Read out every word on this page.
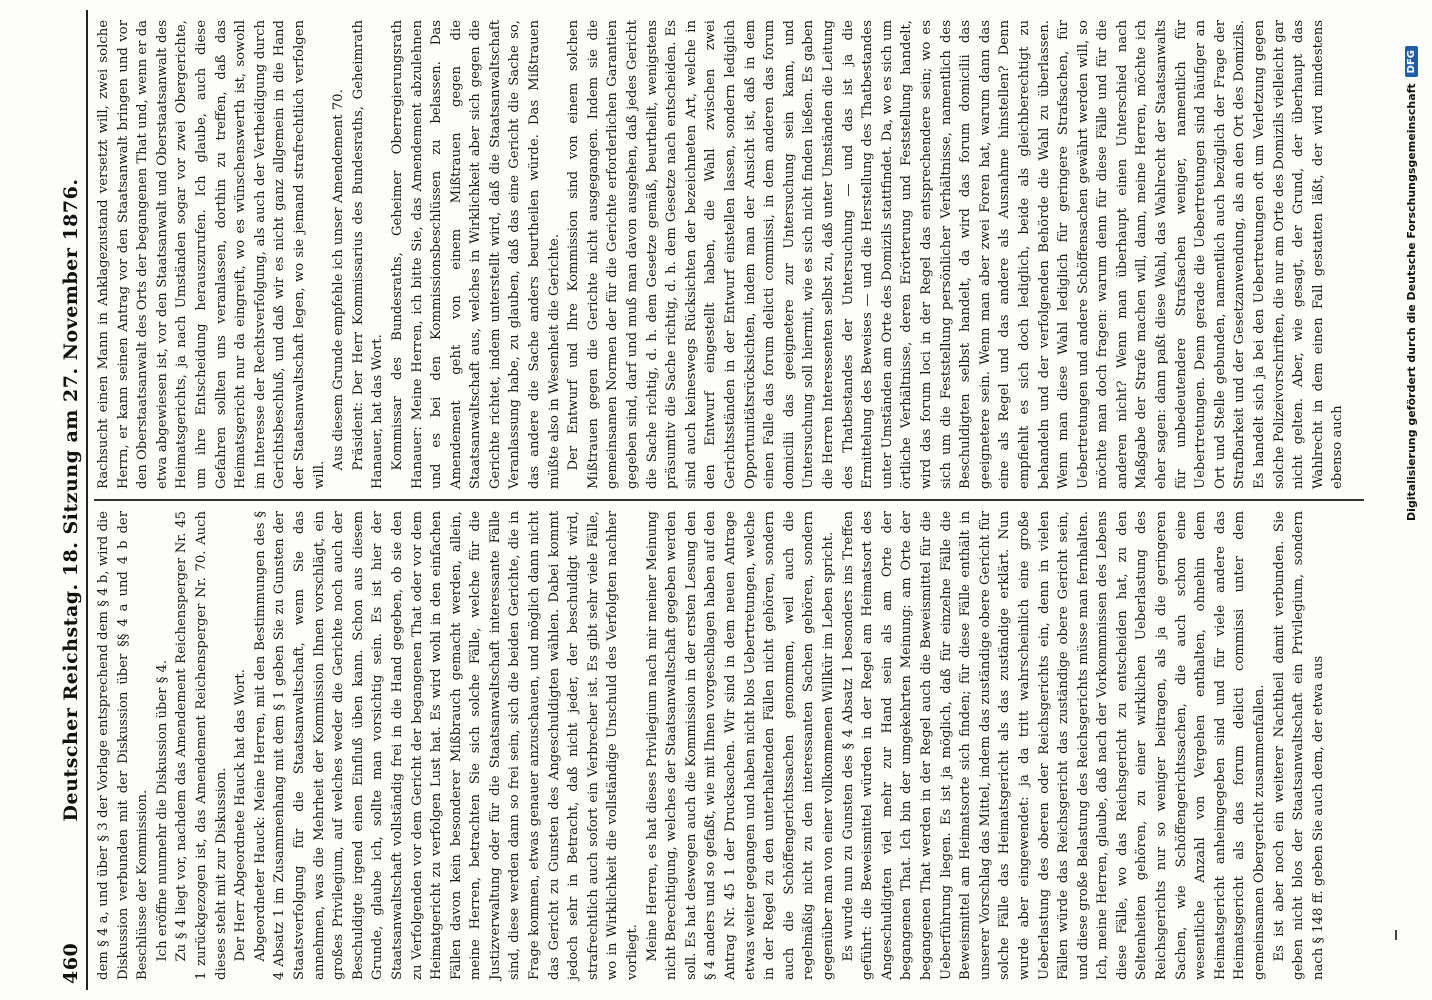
460
Deutscher Reichstag. 18. Sitzung am 27. November 1876. dem § 4 a, und über § 3 der Vorlage entsprechend dem § 4 b, wird die Diskussion verbunden mit der Diskussion über §§ 4 a und 4 b der Beschlüsse der Kommission. Ich eröffne nunmehr die Diskussion über § 4. Zu § 4 liegt vor, nachdem das Amendement Reichensperger Nr. 45 1 zurückgezogen ist, das Amendement Reichensperger Nr. 70. Auch dieses steht mit zur Diskussion. Der Herr Abgeordnete Hauck hat das Wort. Abgeordneter Hauck: Meine Herren, mit den Bestimmungen des § 4 Absatz 1 im Zusammenhang mit dem § 1 geben Sie zu Gunsten der Staatsverfolgung für die Staatsanwaltschaft, wenn Sie das annehmen, was die Mehrheit der Kommission Ihnen vorschlägt, ein großes Privilegium, auf welches weder die Gerichte noch auch der Beschuldigte irgend einen Einfluß üben kann. Schon aus diesem Grunde, glaube ich, sollte man vorsichtig sein. Es ist hier der Staatsanwaltschaft vollständig frei in die Hand gegeben, ob sie den zu Verfolgenden vor dem Gericht der begangenen That oder vor dem Heimatgericht zu verfolgen Lust hat. Es wird wohl in den einfachen Fällen davon kein besonderer Mißbrauch gemacht werden, allein, meine Herren, betrachten Sie sich solche Fälle, welche für die Justizverwaltung oder für die Staatsanwaltschaft interessante Fälle sind, diese werden dann so frei sein, sich die beiden Gerichte, die in Frage kommen, etwas genauer anzuschauen, und möglich dann nicht das Gericht zu Gunsten des Angeschuldigten wählen. Dabei kommt jedoch sehr in Betracht, daß nicht jeder, der beschuldigt wird, strafrechtlich auch sofort ein Verbrecher ist. Es gibt sehr viele Fälle, wo in Wirklichkeit die vollständige Unschuld des Verfolgten nachher vorliegt. Meine Herren, es hat dieses Privilegium nach mir meiner Meinung nicht Berechtigung, welches der Staatsanwaltschaft gegeben werden soll. Es hat deswegen auch die Kommission in der ersten Lesung den § 4 anders und so gefaßt, wie mit Ihnen vorgeschlagen haben auf den Antrag Nr. 45 1 der Drucksachen. Wir sind in dem neuen Antrage etwas weiter gegangen und haben nicht blos Uebertretungen, welche in der Regel zu den unterhaltenden Fällen nicht gehören, sondern auch die Schöffengerichtssachen genommen, weil auch die regelmäßig nicht zu den interessanten Sachen gehören, sondern gegenüber man von einer vollkommenen Willkür im Leben spricht. Es wurde nun zu Gunsten des § 4 Absatz 1 besonders ins Treffen geführt: die Beweismittel würden in der Regel am Heimatsort des Angeschuldigten viel mehr zur Hand sein als am Orte der begangenen That. Ich bin der umgekehrten Meinung: am Orte der begangenen That werden in der Regel auch die Beweismittel für die Ueberführung liegen. Es ist ja möglich, daß für einzelne Fälle die Beweismittel am Heimatsorte sich finden; für diese Fälle enthält in unserer Vorschlag das Mittel, indem das zuständige obere Gericht für solche Fälle das Heimatsgericht als das zuständige erklärt. Nun wurde aber eingewendet: ja da tritt wahrscheinlich eine große Ueberlastung des oberen oder Reichsgerichts ein, denn in vielen Fällen würde das Reichsgericht das zuständige obere Gericht sein, und diese große Belastung des Reichsgerichts müsse man fernhalten. Ich, meine Herren, glaube, daß nach der Vorkommnissen des Lebens diese Fälle, wo das Reichsgericht zu entscheiden hat, zu den Seltenheiten gehören, zu einer wirklichen Ueberlastung des Reichsgerichts nur so weniger beitragen, als ja die geringeren Sachen, wie Schöffengerichtssachen, die auch schon eine wesentliche Anzahl von Vergehen enthalten, ohnehin dem Heimatsgericht anheimgegeben sind und für viele andere das Heimatsgericht als das forum delicti commissi unter dem gemeinsamen Obergericht zusammenfallen. Es ist aber noch ein weiterer Nachtheil damit verbunden. Sie geben nicht blos der Staatsanwaltschaft ein Privilegium, sondern nach § 148 ff. geben Sie auch dem, der etwa aus

Rachsucht einen Mann in Anklagezustand versetzt will, zwei solche Herrn, er kann seinen Antrag vor den Staatsanwalt bringen und vor den Oberstaatsanwalt des Orts der begangenen That und, wenn er da etwa abgewiesen ist, vor den Staatsanwalt und Oberstaatsanwalt des Heimatsgerichts, ja nach Umständen sogar vor zwei Obergerichte, um ihre Entscheidung herauszurufen. Ich glaube, auch diese Gefahren sollten uns veranlassen, dorthin zu treffen, daß das Heimatsgericht nur da eingreift, wo es wünschenswerth ist, sowohl im Interesse der Rechtsverfolgung, als auch der Vertheidigung durch Gerichtsbeschluß, und daß wir es nicht ganz allgemein in die Hand der Staatsanwaltschaft legen, wo sie jemand strafrechtlich verfolgen will.

Aus diesem Grunde empfehle ich unser Amendement 70. Präsident: Der Herr Kommissarius des Bundesraths, Geheimrath Hanauer, hat das Wort. Kommissar des Bundesraths, Geheimer Oberregierungsrath Hanauer: Meine Herren, ich bitte Sie, das Amendement abzulehnen und es bei den Kommissionsbeschlüssen zu belassen. Das Amendement geht von einem Mißtrauen gegen die Staatsanwaltschaft aus, welches in Wirklichkeit aber sich gegen die Gerichte richtet, indem unterstellt wird, daß die Staatsanwaltschaft Veranlassung habe, zu glauben, daß das eine Gericht die Sache so, das andere die Sache anders beurtheilen würde. Das Mißtrauen müßte also in Wesenheit die Gerichte. Der Entwurf und Ihre Kommission sind von einem solchen Mißtrauen gegen die Gerichte nicht ausgegangen. Indem sie die gemeinsamen Normen der für die Gerichte erforderlichen Garantien gegeben sind, darf und muß man davon ausgehen, daß jedes Gericht die Sache richtig, d. h. dem Gesetze gemäß, beurtheilt, wenigstens präsumtiv die Sache richtig, d. h. dem Gesetze nach entscheiden. Es sind auch keineswegs Rücksichten der bezeichneten Art, welche in den Entwurf eingestellt haben, die Wahl zwischen zwei Gerichtsständen in der Entwurf einstellen lassen, sondern lediglich Opportunitätsrücksichten, indem man der Ansicht ist, daß in dem einen Falle das forum delicti commissi, in dem anderen das forum domicilii das geeignetere zur Untersuchung sein kann, und Untersuchung soll hiermit, wie es sich nicht finden ließen. Es gaben die Herren Interessenten selbst zu, daß unter Umständen die Leitung des Thatbestandes der Untersuchung — und das ist ja die Ermittelung des Beweises — und die Herstellung des Thatbestandes unter Umständen am Orte des Domizils stattfindet. Da, wo es sich um örtliche Verhältnisse, deren Erörterung und Feststellung handelt, wird das forum loci in der Regel das entsprechendere sein; wo es sich um die Feststellung persönlicher Verhältnisse, namentlich des Beschuldigten selbst handelt, da wird das forum domicilii das geeignetere sein. Wenn man aber zwei Foren hat, warum dann das eine als Regel und das andere als Ausnahme hinstellen? Denn empfiehlt es sich doch lediglich, beide als gleichberechtigt zu behandeln und der verfolgenden Behörde die Wahl zu überlassen. Wenn man diese Wahl lediglich für geringere Strafsachen, für Uebertretungen und andere Schöffensachen gewährt werden will, so möchte man doch fragen: warum denn für diese Fälle und für die anderen nicht? Wenn man überhaupt einen Unterschied nach Maßgabe der Strafe machen will, dann, meine Herren, möchte ich eher sagen: dann paßt diese Wahl, das Wahlrecht der Staatsanwalts für unbedeutendere Strafsachen weniger, namentlich für Uebertretungen. Denn gerade die Uebertretungen sind häufiger an Ort und Stelle gebunden, namentlich auch bezüglich der Frage der Strafbarkeit und der Gesetzanwendung, als an den Ort des Domizils. Es handelt sich ja bei den Uebertretungen oft um Verletzung gegen solche Polizeivorschriften, die nur am Orte des Domizils vielleicht gar nicht gelten. Aber, wie gesagt, der Grund, der überhaupt das Wahlrecht in dem einen Fall gestatten läßt, der wird mindestens ebenso auch	Digitalisierung gefördert durch die Deutsche Forschungsgemeinschaft
DFG
